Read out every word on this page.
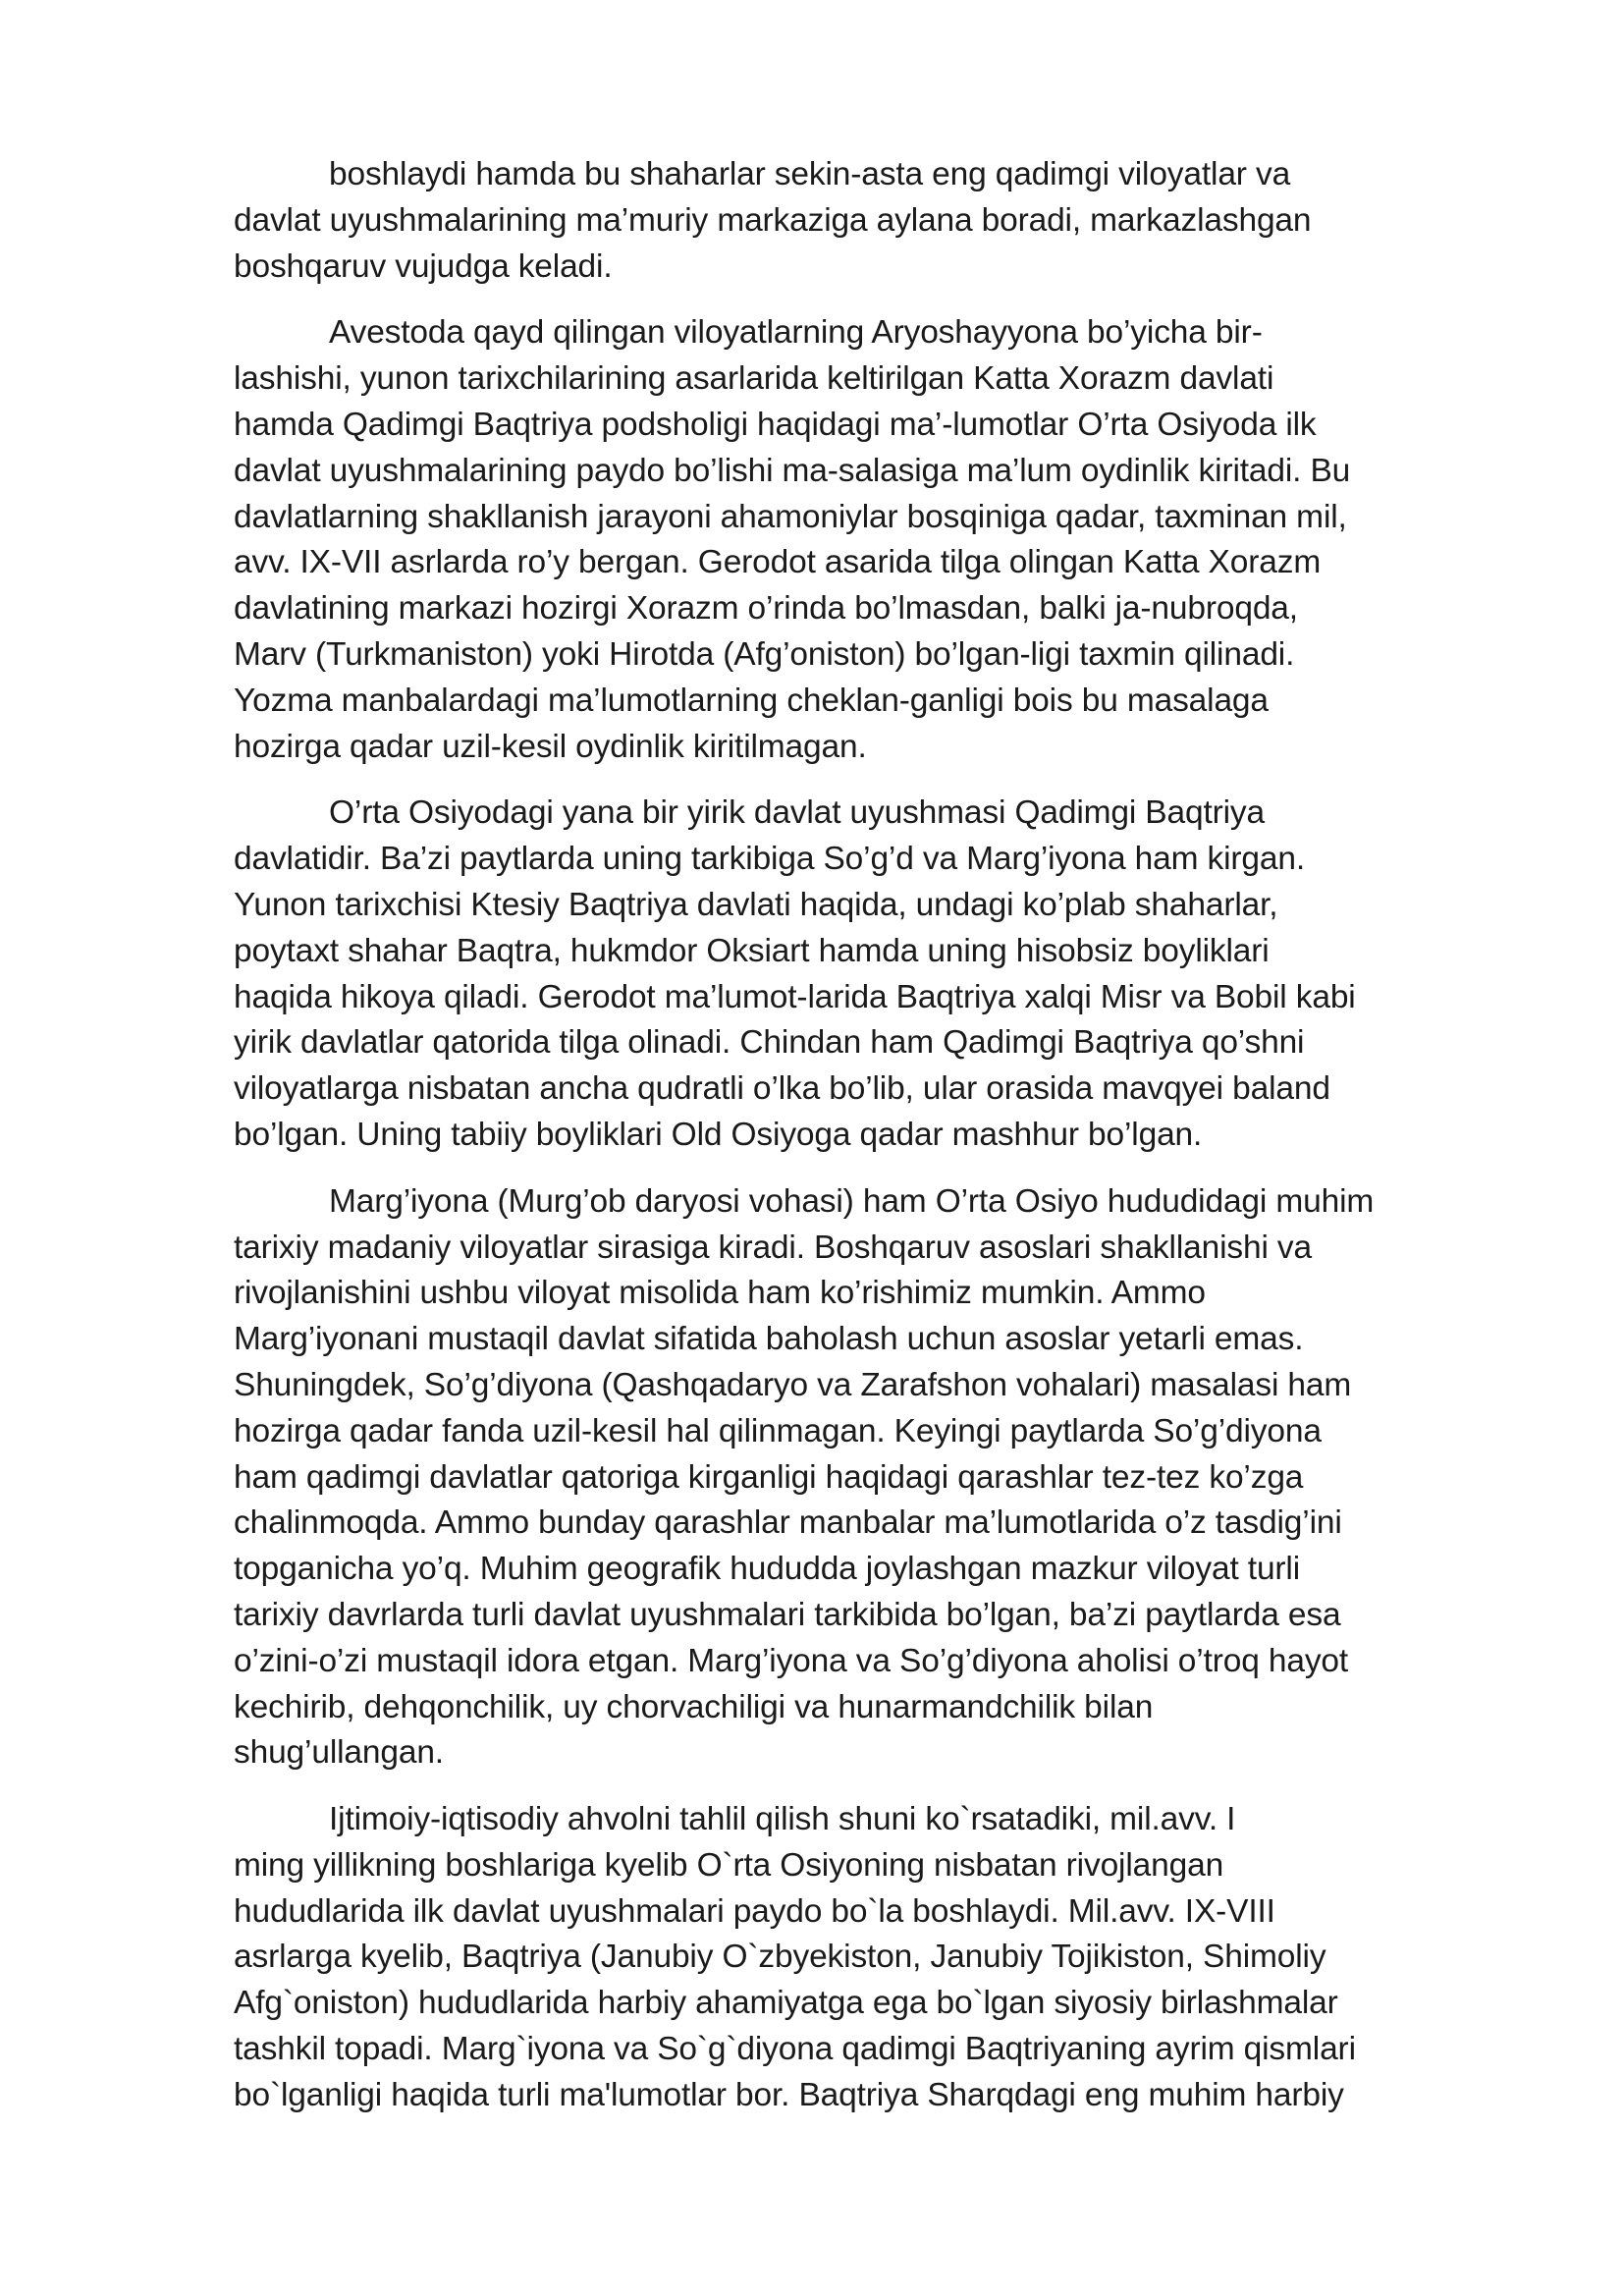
boshlaydi hamda bu shaharlar sekin-asta eng qadimgi viloyatlar va
davlat uyushmalarining ma’muriy markaziga aylana boradi, markazlashgan
boshqaruv vujudga keladi.
Avestoda qayd qilingan viloyatlarning Aryoshayyona bo’yicha bir-
lashishi, yunon tarixchilarining asarlarida keltirilgan Katta Xorazm davlati
hamda Qadimgi Baqtriya podsholigi haqidagi ma’-lumotlar O’rta Osiyoda ilk
davlat uyushmalarining paydo bo’lishi ma-salasiga ma’lum oydinlik kiritadi. Bu
davlatlarning shakllanish jarayoni ahamoniylar bosqiniga qadar, taxminan mil,
avv. IX-VII asrlarda ro’y bergan. Gerodot asarida tilga olingan Katta Xorazm
davlatining markazi hozirgi Xorazm o’rinda bo’lmasdan, balki ja-nubroqda,
Marv (Turkmaniston) yoki Hirotda (Afg’oniston) bo’lgan-ligi taxmin qilinadi.
Yozma manbalardagi ma’lumotlarning cheklan-ganligi bois bu masalaga
hozirga qadar uzil-kesil oydinlik kiritilmagan.
O’rta Osiyodagi yana bir yirik davlat uyushmasi Qadimgi Baqtriya
davlatidir. Ba’zi paytlarda uning tarkibiga So’g’d va Marg’iyona ham kirgan.
Yunon tarixchisi Ktesiy Baqtriya davlati haqida, undagi ko’plab shaharlar,
poytaxt shahar Baqtra, hukmdor Oksiart hamda uning hisobsiz boyliklari
haqida hikoya qiladi. Gerodot ma’lumot-larida Baqtriya xalqi Misr va Bobil kabi
yirik davlatlar qatorida tilga olinadi. Chindan ham Qadimgi Baqtriya qo’shni
viloyatlarga nisbatan ancha qudratli o’lka bo’lib, ular orasida mavqyei baland
bo’lgan. Uning tabiiy boyliklari Old Osiyoga qadar mashhur bo’lgan.
Marg’iyona (Murg’ob daryosi vohasi) ham O’rta Osiyo hududidagi muhim
tarixiy madaniy viloyatlar sirasiga kiradi. Boshqaruv asoslari shakllanishi va
rivojlanishini ushbu viloyat misolida ham ko’rishimiz mumkin. Ammo
Marg’iyonani mustaqil davlat sifatida baholash uchun asoslar yetarli emas.
Shuningdek, So’g’diyona (Qashqadaryo va Zarafshon vohalari) masalasi ham
hozirga qadar fanda uzil-kesil hal qilinmagan. Keyingi paytlarda So’g’diyona
ham qadimgi davlatlar qatoriga kirganligi haqidagi qarashlar tez-tez ko’zga
chalinmoqda. Ammo bunday qarashlar manbalar ma’lumotlarida o’z tasdig’ini
topganicha yo’q. Muhim geografik hududda joylashgan mazkur viloyat turli
tarixiy davrlarda turli davlat uyushmalari tarkibida bo’lgan, ba’zi paytlarda esa
o’zini-o’zi mustaqil idora etgan. Marg’iyona va So’g’diyona aholisi o’troq hayot
kechirib, dehqonchilik, uy chorvachiligi va hunarmandchilik bilan
shug’ullangan.
Ijtimoiy-iqtisodiy ahvolni tahlil qilish shuni ko`rsatadiki, mil.avv. I
ming yillikning boshlariga kyelib O`rta Osiyoning nisbatan rivojlangan
hududlarida ilk davlat uyushmalari paydo bo`la boshlaydi. Mil.avv. IX-VIII
asrlarga kyelib, Baqtriya (Janubiy O`zbyekiston, Janubiy Tojikiston, Shimoliy
Afg`oniston) hududlarida harbiy ahamiyatga ega bo`lgan siyosiy birlashmalar
tashkil topadi. Marg`iyona va So`g`diyona qadimgi Baqtriyaning ayrim qismlari
bo`lganligi haqida turli ma'lumotlar bor. Baqtriya Sharqdagi eng muhim harbiy
